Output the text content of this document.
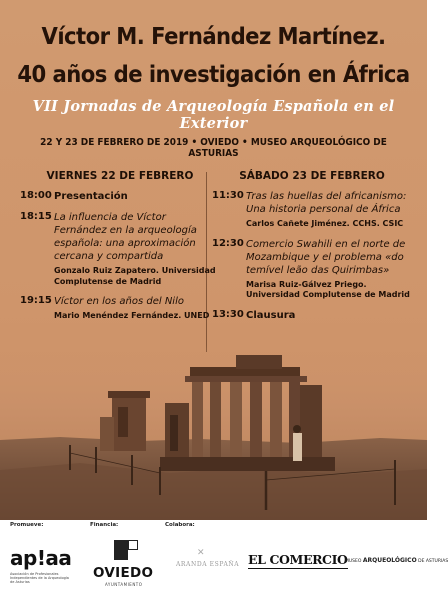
Víctor M. Fernández Martínez.
40 años de investigación en África
VII Jornadas de Arqueología Española en el Exterior
22 Y 23 DE FEBRERO DE 2019 • OVIEDO • MUSEO ARQUEOLÓGICO DE ASTURIAS
VIERNES 22 DE FEBRERO
18:00 Presentación
18:15 La influencia de Víctor Fernández en la arqueología española: una aproximación cercana y compartida
Gonzalo Ruiz Zapatero. Universidad Complutense de Madrid
19:15 Víctor en los años del Nilo
Mario Menéndez Fernández. UNED
SÁBADO 23 DE FEBRERO
11:30 Tras las huellas del africanismo: Una historia personal de África
Carlos Cañete Jiménez. CCHS. CSIC
12:30 Comercio Swahili en el norte de Mozambique y el problema «do temível leão das Quirimbas»
Marisa Ruiz-Gálvez Priego. Universidad Complutense de Madrid
13:30 Clausura
Promueve:	Financia:	Colabora:
ap!aa
Asociación de Profesionales Independientes de la Arqueología de Asturias
OVIEDO
AYUNTAMIENTO
✕
ARANDA ESPAÑA EL COMERCIO
MUSEO ARQUEOLÓGICO DE ASTURIAS
